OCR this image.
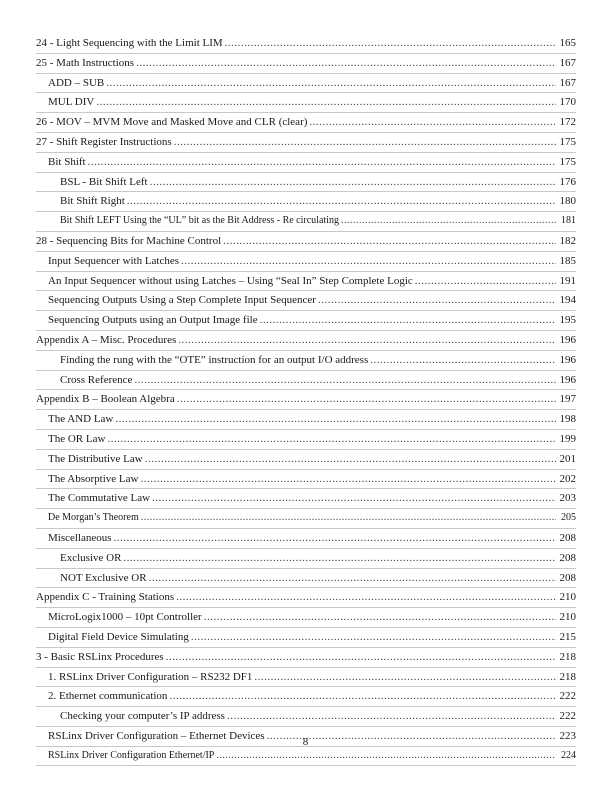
24 - Light Sequencing with the Limit LIM .....	165
25 - Math Instructions .....	167
ADD – SUB .....	167
MUL DIV .....	170
26 - MOV – MVM Move and Masked Move and CLR (clear) .....	172
27 - Shift Register Instructions .....	175
Bit Shift .....	175
BSL - Bit Shift Left .....	176
Bit Shift Right .....	180
Bit Shift LEFT Using the “UL” bit as the Bit Address - Re circulating .....	181
28 - Sequencing Bits for Machine Control .....	182
Input Sequencer with Latches .....	185
An Input Sequencer without using Latches – Using “Seal In” Step Complete Logic .....	191
Sequencing Outputs Using a Step Complete Input Sequencer .....	194
Sequencing Outputs using an Output Image file .....	195
Appendix A – Misc. Procedures .....	196
Finding the rung with the “OTE” instruction for an output I/O address .....	196
Cross Reference .....	196
Appendix B – Boolean Algebra .....	197
The AND Law .....	198
The OR Law .....	199
The Distributive Law .....	201
The Absorptive Law .....	202
The Commutative Law .....	203
De Morgan’s Theorem .....	205
Miscellaneous .....	208
Exclusive OR .....	208
NOT Exclusive OR .....	208
Appendix C - Training Stations .....	210
MicroLogix1000 – 10pt Controller .....	210
Digital Field Device Simulating .....	215
3 - Basic RSLinx Procedures .....	218
1. RSLinx Driver Configuration – RS232 DF1 .....	218
2. Ethernet communication .....	222
Checking your computer’s IP address .....	222
RSLinx Driver Configuration – Ethernet Devices .....	223
RSLinx Driver Configuration Ethernet/IP .....	224
8
